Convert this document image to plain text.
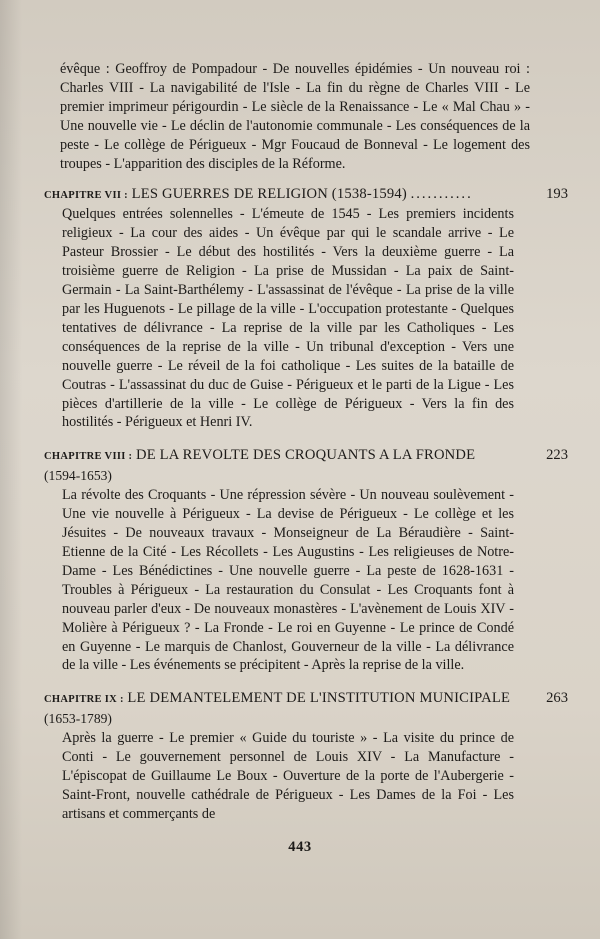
évêque : Geoffroy de Pompadour - De nouvelles épidémies - Un nouveau roi : Charles VIII - La navigabilité de l'Isle - La fin du règne de Charles VIII - Le premier imprimeur périgourdin - Le siècle de la Renaissance - Le « Mal Chau » - Une nouvelle vie - Le déclin de l'autonomie communale - Les conséquences de la peste - Le collège de Périgueux - Mgr Foucaud de Bonneval - Le logement des troupes - L'apparition des disciples de la Réforme.

CHAPITRE VII : LES GUERRES DE RELIGION (1538-1594) ...........	193

Quelques entrées solennelles - L'émeute de 1545 - Les premiers incidents religieux - La cour des aides - Un évêque par qui le scandale arrive - Le Pasteur Brossier - Le début des hostilités - Vers la deuxième guerre - La troisième guerre de Religion - La prise de Mussidan - La paix de Saint-Germain - La Saint-Barthélemy - L'assassinat de l'évêque - La prise de la ville par les Huguenots - Le pillage de la ville - L'occupation protestante - Quelques tentatives de délivrance - La reprise de la ville par les Catholiques - Les conséquences de la reprise de la ville - Un tribunal d'exception - Vers une nouvelle guerre - Le réveil de la foi catholique - Les suites de la bataille de Coutras - L'assassinat du duc de Guise - Périgueux et le parti de la Ligue - Les pièces d'artillerie de la ville - Le collège de Périgueux - Vers la fin des hostilités - Périgueux et Henri IV.

CHAPITRE VIII : DE LA REVOLTE DES CROQUANTS A LA FRONDE
(1594-1653)
223

La révolte des Croquants - Une répression sévère - Un nouveau soulèvement - Une vie nouvelle à Périgueux - La devise de Périgueux - Le collège et les Jésuites - De nouveaux travaux - Monseigneur de La Béraudière - Saint-Etienne de la Cité - Les Récollets - Les Augustins - Les religieuses de Notre-Dame - Les Bénédictines - Une nouvelle guerre - La peste de 1628-1631 - Troubles à Périgueux - La restauration du Consulat - Les Croquants font à nouveau parler d'eux - De nouveaux monastères - L'avènement de Louis XIV - Molière à Périgueux ? - La Fronde - Le roi en Guyenne - Le prince de Condé en Guyenne - Le marquis de Chanlost, Gouverneur de la ville - La délivrance de la ville - Les événements se précipitent - Après la reprise de la ville.

CHAPITRE IX : LE DEMANTELEMENT DE L'INSTITUTION MUNICIPALE (1653-1789)
263

Après la guerre - Le premier « Guide du touriste » - La visite du prince de Conti - Le gouvernement personnel de Louis XIV - La Manufacture - L'épiscopat de Guillaume Le Boux - Ouverture de la porte de l'Aubergerie - Saint-Front, nouvelle cathédrale de Périgueux - Les Dames de la Foi - Les artisans et commerçants de

443
